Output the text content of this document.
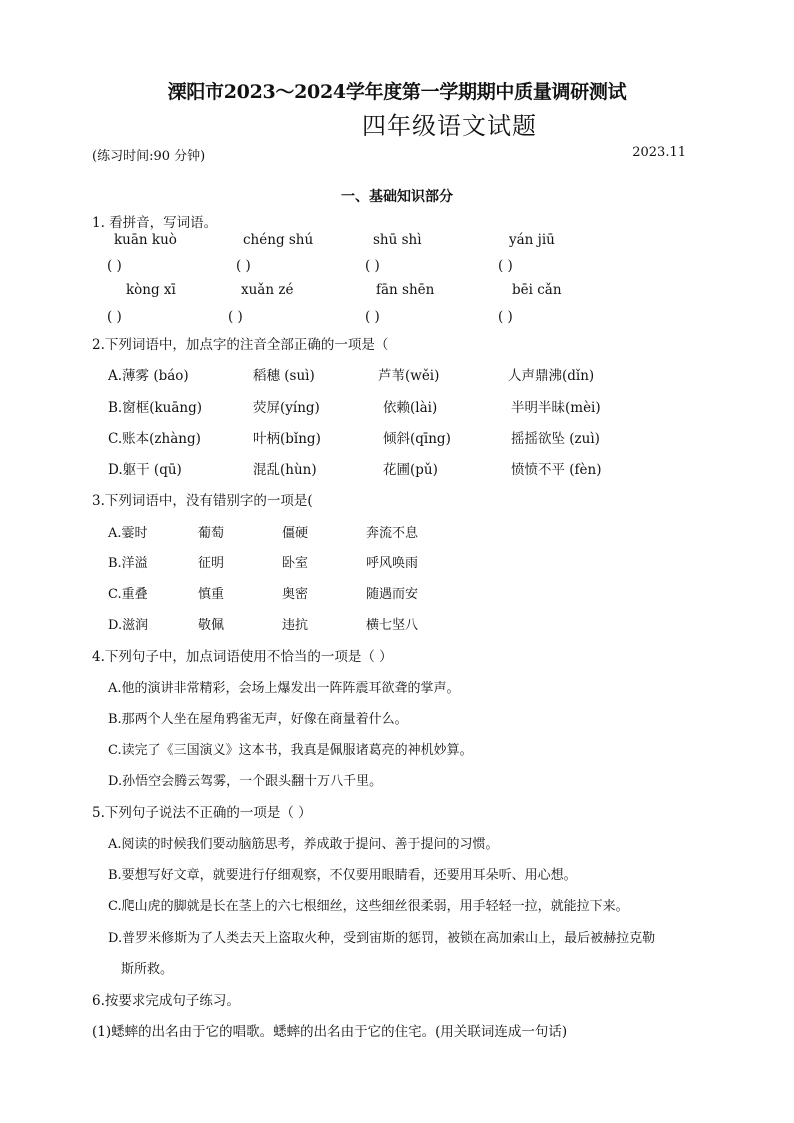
溧阳市2023～2024学年度第一学期期中质量调研测试
四年级语文试题
(练习时间:90 分钟)	2023.11
一、基础知识部分
1. 看拼音，写词语。
kuān kuò	chéng shú	shū shì	yán jiū
( )	( )	( )	( )
kòng xī	xuǎn zé	fān shēn	bēi cǎn
( )	( )	( )	( )
2.下列词语中，加点字的注音全部正确的一项是（
A.薄雾 (báo)	稻穗 (suì)	芦苇(wěi)	人声鼎沸(dǐn)
B.窗框(kuāng)	荧屏(yíng)	依赖(lài)	半明半昧(mèi)
C.账本(zhàng)	叶柄(bǐng)	倾斜(qīng)	摇摇欲坠 (zuì)
D.躯干 (qū)	混乱(hùn)	花圃(pǔ)	愤愤不平 (fèn)
3.下列词语中，没有错别字的一项是(
A.霎时	葡萄	僵硬	奔流不息
B.洋溢	征明	卧室	呼风唤雨
C.重叠	慎重	奥密	随遇而安
D.滋润	敬佩	违抗	横七坚八
4.下列句子中，加点词语使用不恰当的一项是（ ）
A.他的演讲非常精彩，会场上爆发出一阵阵震耳欲聋的掌声。
B.那两个人坐在屋角鸦雀无声，好像在商量着什么。
C.读完了《三国演义》这本书，我真是佩服诸葛亮的神机妙算。
D.孙悟空会腾云驾雾，一个跟头翻十万八千里。
5.下列句子说法不正确的一项是（ ）
A.阅读的时候我们要动脑筋思考，养成敢于提问、善于提问的习惯。
B.要想写好文章，就要进行仔细观察，不仅要用眼睛看，还要用耳朵听、用心想。
C.爬山虎的脚就是长在茎上的六七根细丝，这些细丝很柔弱，用手轻轻一拉，就能拉下来。
D.普罗米修斯为了人类去天上盗取火种，受到宙斯的惩罚，被锁在高加索山上，最后被赫拉克勒
斯所救。
6.按要求完成句子练习。
(1)蟋蟀的出名由于它的唱歌。蟋蟀的出名由于它的住宅。(用关联词连成一句话)
